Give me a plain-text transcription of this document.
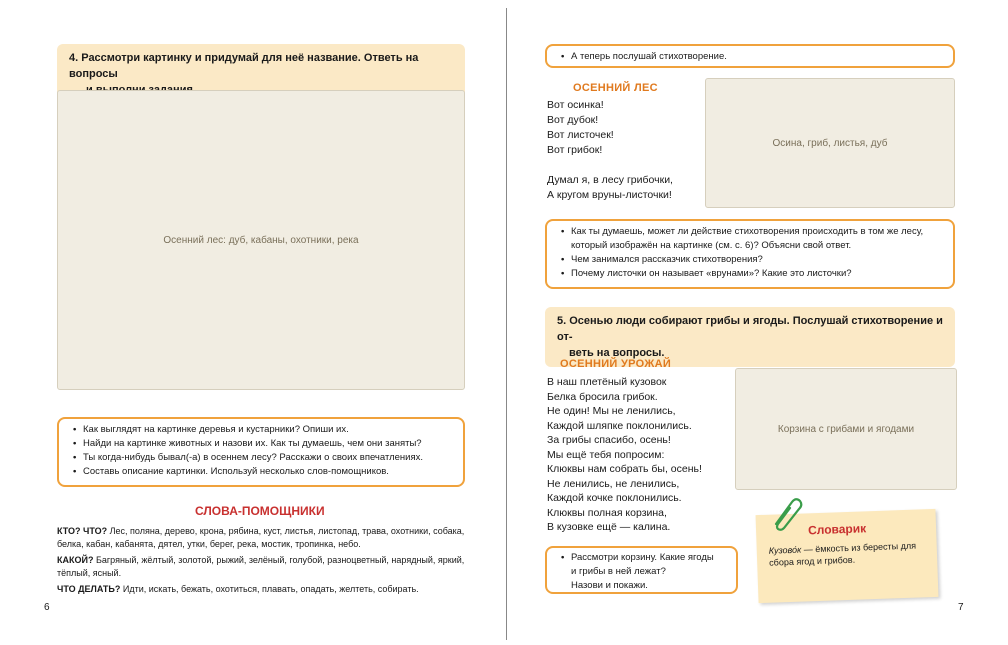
4. Рассмотри картинку и придумай для неё название. Ответь на вопросы
Осенний лес: дуб, кабаны, охотники, река
• Как выглядят на картинке деревья и кустарники? Опиши их.
• Найди на картинке животных и назови их. Как ты думаешь, чем они заняты?
• Ты когда-нибудь бывал(-а) в осеннем лесу? Расскажи о своих впечатлениях.
• Составь описание картинки. Используй несколько слов-помощников.
СЛОВА-ПОМОЩНИКИ
КТО? ЧТО? Лес, поляна, дерево, крона, рябина, куст, листья, листопад, трава, охотники, собака,
белка, кабан, кабанята, дятел, утки, берег, река, мостик, тропинка, небо.
КАКОЙ? Багряный, жёлтый, золотой, рыжий, зелёный, голубой, разноцветный, нарядный, яркий,
тёплый, ясный.
ЧТО ДЕЛАТЬ? Идти, искать, бежать, охотиться, плавать, опадать, желтеть, собирать.
6
• А теперь послушай стихотворение.
ОСЕННИЙ ЛЕС
Вот осинка!
Вот дубок!
Вот листочек!
Вот грибок!
Думал я, в лесу грибочки,
А кругом вруны-листочки!
Осина, гриб, листья, дуб
• Как ты думаешь, может ли действие стихотворения происходить в том же лесу,
который изображён на картинке (см. с. 6)? Объясни свой ответ.
• Чем занимался рассказчик стихотворения?
• Почему листочки он называет «врунами»? Какие это листочки?
5. Осенью люди собирают грибы и ягоды. Послушай стихотворение и от-
веть на вопросы.
ОСЕННИЙ УРОЖАЙ
В наш плетёный кузовок
Белка бросила грибок.
Не один! Мы не ленились,
Каждой шляпке поклонились.
За грибы спасибо, осень!
Мы ещё тебя попросим:
Клюквы нам собрать бы, осень!
Не ленились, не ленились,
Каждой кочке поклонились.
Клюквы полная корзина,
В кузовке ещё — калина.
Корзина с грибами и ягодами
• Рассмотри корзину. Какие ягоды
и грибы в ней лежат?
Назови и покажи.
Словарик
Кузово́к — ёмкость из бересты для сбора ягод и грибов.
7
